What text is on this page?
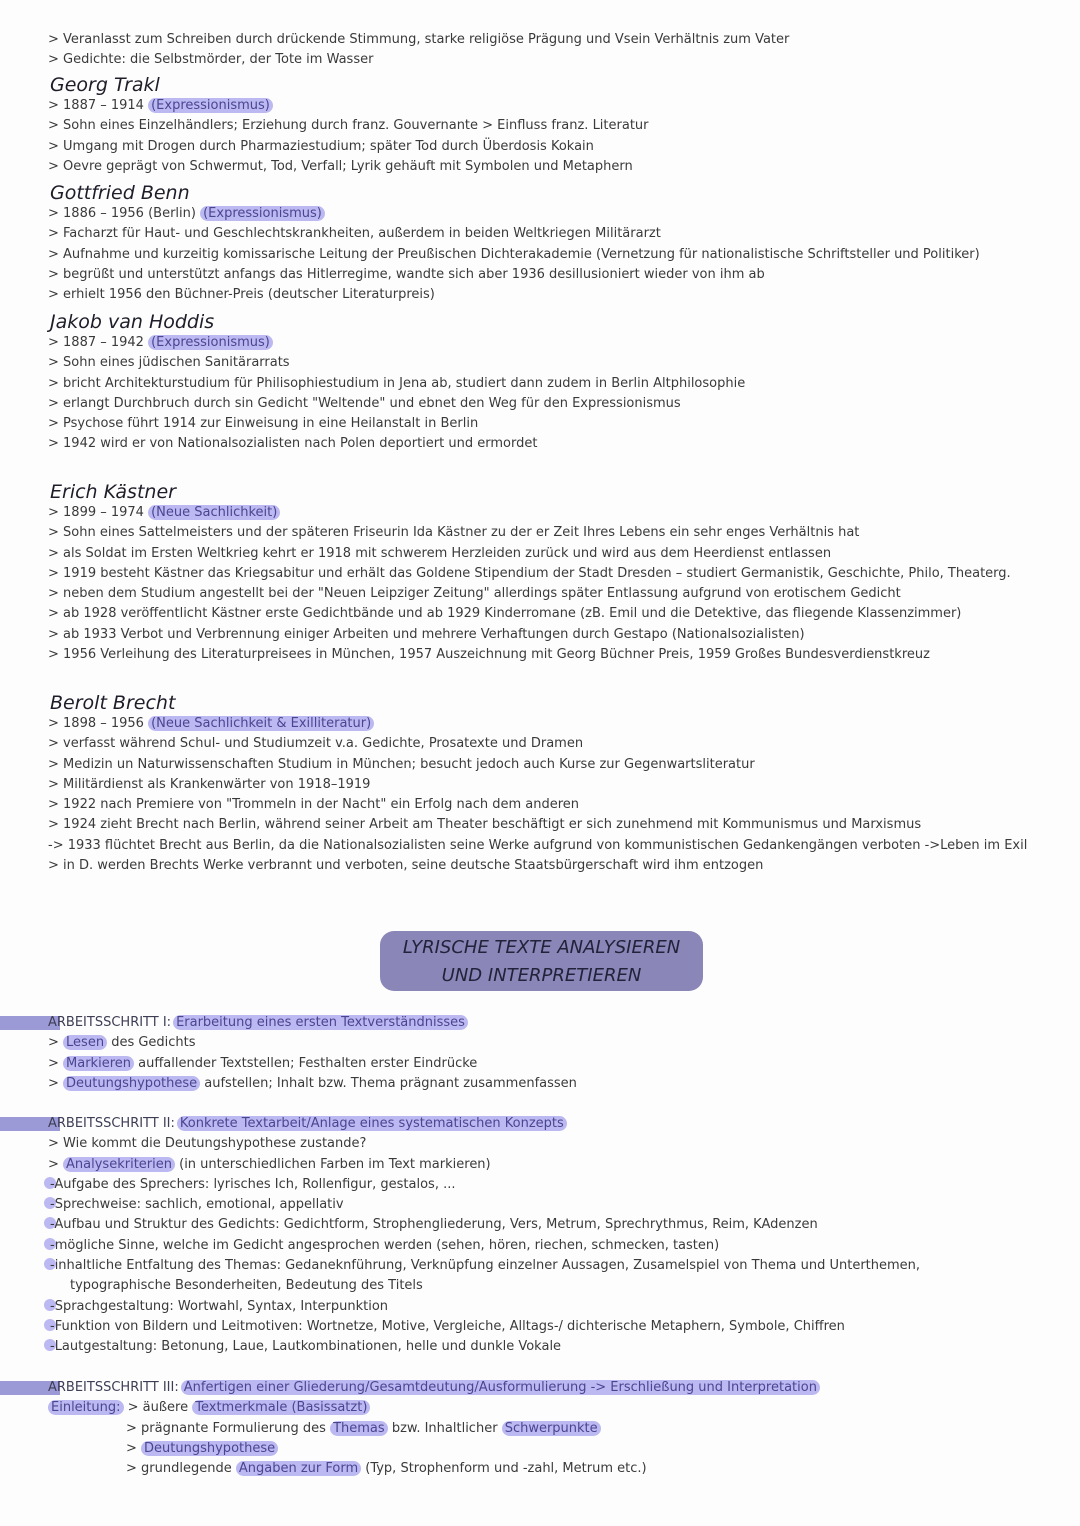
> Veranlasst zum Schreiben durch drückende Stimmung, starke religiöse Prägung und Vsein Verhältnis zum Vater
> Gedichte: die Selbstmörder, der Tote im Wasser
Georg Trakl
> 1887 – 1914 (Expressionismus)
> Sohn eines Einzelhändlers; Erziehung durch franz. Gouvernante > Einfluss franz. Literatur
> Umgang mit Drogen durch Pharmaziestudium; später Tod durch Überdosis Kokain
> Oevre geprägt von Schwermut, Tod, Verfall; Lyrik gehäuft mit Symbolen und Metaphern
Gottfried Benn
> 1886 – 1956 (Berlin) (Expressionismus)
> Facharzt für Haut- und Geschlechtskrankheiten, außerdem in beiden Weltkriegen Militärarzt
> Aufnahme und kurzeitig komissarische Leitung der Preußischen Dichterakademie (Vernetzung für nationalistische Schriftsteller und Politiker)
> begrüßt und unterstützt anfangs das Hitlerregime, wandte sich aber 1936 desillusioniert wieder von ihm ab
> erhielt 1956 den Büchner-Preis (deutscher Literaturpreis)
Jakob van Hoddis
> 1887 – 1942 (Expressionismus)
> Sohn eines jüdischen Sanitärarrats
> bricht Architekturstudium für Philisophiestudium in Jena ab, studiert dann zudem in Berlin Altphilosophie
> erlangt Durchbruch durch sin Gedicht "Weltende" und ebnet den Weg für den Expressionismus
> Psychose führt 1914 zur Einweisung in eine Heilanstalt in Berlin
> 1942 wird er von Nationalsozialisten nach Polen deportiert und ermordet
Erich Kästner
> 1899 – 1974 (Neue Sachlichkeit)
> Sohn eines Sattelmeisters und der späteren Friseurin Ida Kästner zu der er Zeit Ihres Lebens ein sehr enges Verhältnis hat
> als Soldat im Ersten Weltkrieg kehrt er 1918 mit schwerem Herzleiden zurück und wird aus dem Heerdienst entlassen
> 1919 besteht Kästner das Kriegsabitur und erhält das Goldene Stipendium der Stadt Dresden – studiert Germanistik, Geschichte, Philo, Theaterg.
> neben dem Studium angestellt bei der "Neuen Leipziger Zeitung" allerdings später Entlassung aufgrund von erotischem Gedicht
> ab 1928 veröffentlicht Kästner erste Gedichtbände und ab 1929 Kinderromane (zB. Emil und die Detektive, das fliegende Klassenzimmer)
> ab 1933 Verbot und Verbrennung einiger Arbeiten und mehrere Verhaftungen durch Gestapo (Nationalsozialisten)
> 1956 Verleihung des Literaturpreisees in München, 1957 Auszeichnung mit Georg Büchner Preis, 1959 Großes Bundesverdienstkreuz
Berolt Brecht
> 1898 – 1956 (Neue Sachlichkeit & Exilliteratur)
> verfasst während Schul- und Studiumzeit v.a. Gedichte, Prosatexte und Dramen
> Medizin un Naturwissenschaften Studium in München; besucht jedoch auch Kurse zur Gegenwartsliteratur
> Militärdienst als Krankenwärter von 1918–1919
> 1922 nach Premiere von "Trommeln in der Nacht" ein Erfolg nach dem anderen
> 1924 zieht Brecht nach Berlin, während seiner Arbeit am Theater beschäftigt er sich zunehmend mit Kommunismus und Marxismus
-> 1933 flüchtet Brecht aus Berlin, da die Nationalsozialisten seine Werke aufgrund von kommunistischen Gedankengängen verboten ->Leben im Exil
> in D. werden Brechts Werke verbrannt und verboten, seine deutsche Staatsbürgerschaft wird ihm entzogen
LYRISCHE TEXTE ANALYSIEREN
UND INTERPRETIEREN
ARBEITSSCHRITT I: Erarbeitung eines ersten Textverständnisses
> Lesen des Gedichts
> Markieren auffallender Textstellen; Festhalten erster Eindrücke
> Deutungshypothese aufstellen; Inhalt bzw. Thema prägnant zusammenfassen
ARBEITSSCHRITT II: Konkrete Textarbeit/Anlage eines systematischen Konzepts
> Wie kommt die Deutungshypothese zustande?
> Analysekriterien (in unterschiedlichen Farben im Text markieren)
-Aufgabe des Sprechers: lyrisches Ich, Rollenfigur, gestalos, ...
-Sprechweise: sachlich, emotional, appellativ
-Aufbau und Struktur des Gedichts: Gedichtform, Strophengliederung, Vers, Metrum, Sprechrythmus, Reim, KAdenzen
-mögliche Sinne, welche im Gedicht angesprochen werden (sehen, hören, riechen, schmecken, tasten)
-inhaltliche Entfaltung des Themas: Gedaneknführung, Verknüpfung einzelner Aussagen, Zusamelspiel von Thema und Unterthemen,
typographische Besonderheiten, Bedeutung des Titels
-Sprachgestaltung: Wortwahl, Syntax, Interpunktion
-Funktion von Bildern und Leitmotiven: Wortnetze, Motive, Vergleiche, Alltags-/ dichterische Metaphern, Symbole, Chiffren
-Lautgestaltung: Betonung, Laue, Lautkombinationen, helle und dunkle Vokale
ARBEITSSCHRITT III: Anfertigen einer Gliederung/Gesamtdeutung/Ausformulierung -> Erschließung und Interpretation
Einleitung: > äußere Textmerkmale (Basissatzt)
> prägnante Formulierung des Themas bzw. Inhaltlicher Schwerpunkte
> Deutungshypothese
> grundlegende Angaben zur Form (Typ, Strophenform und -zahl, Metrum etc.)
